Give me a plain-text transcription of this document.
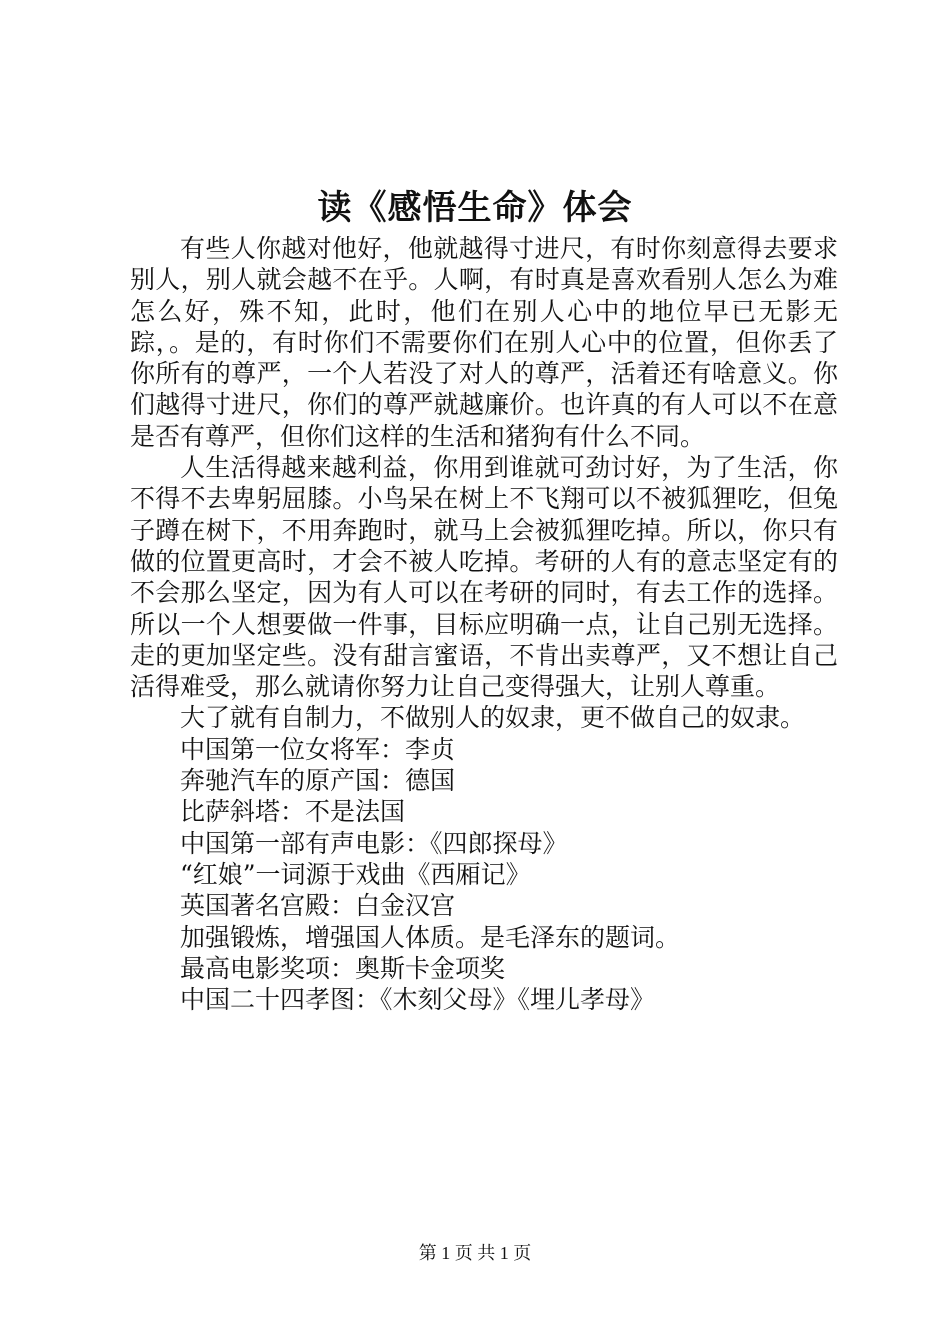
读《感悟生命》体会

有些人你越对他好，他就越得寸进尺，有时你刻意得去要求别人，别人就会越不在乎。人啊，有时真是喜欢看别人怎么为难怎么好，殊不知，此时，他们在别人心中的地位早已无影无踪，。是的，有时你们不需要你们在别人心中的位置，但你丢了你所有的尊严，一个人若没了对人的尊严，活着还有啥意义。你们越得寸进尺，你们的尊严就越廉价。也许真的有人可以不在意是否有尊严，但你们这样的生活和猪狗有什么不同。

人生活得越来越利益，你用到谁就可劲讨好，为了生活，你不得不去卑躬屈膝。小鸟呆在树上不飞翔可以不被狐狸吃，但兔子蹲在树下，不用奔跑时，就马上会被狐狸吃掉。所以，你只有做的位置更高时，才会不被人吃掉。考研的人有的意志坚定有的不会那么坚定，因为有人可以在考研的同时，有去工作的选择。所以一个人想要做一件事，目标应明确一点，让自己别无选择。走的更加坚定些。没有甜言蜜语，不肯出卖尊严，又不想让自己活得难受，那么就请你努力让自己变得强大，让别人尊重。

大了就有自制力，不做别人的奴隶，更不做自己的奴隶。

中国第一位女将军：李贞

奔驰汽车的原产国：德国

比萨斜塔：不是法国

中国第一部有声电影：《四郎探母》

“红娘”一词源于戏曲《西厢记》

英国著名宫殿：白金汉宫

加强锻炼，增强国人体质。是毛泽东的题词。

最高电影奖项：奥斯卡金项奖

中国二十四孝图：《木刻父母》《埋儿孝母》

第 1 页 共 1 页
